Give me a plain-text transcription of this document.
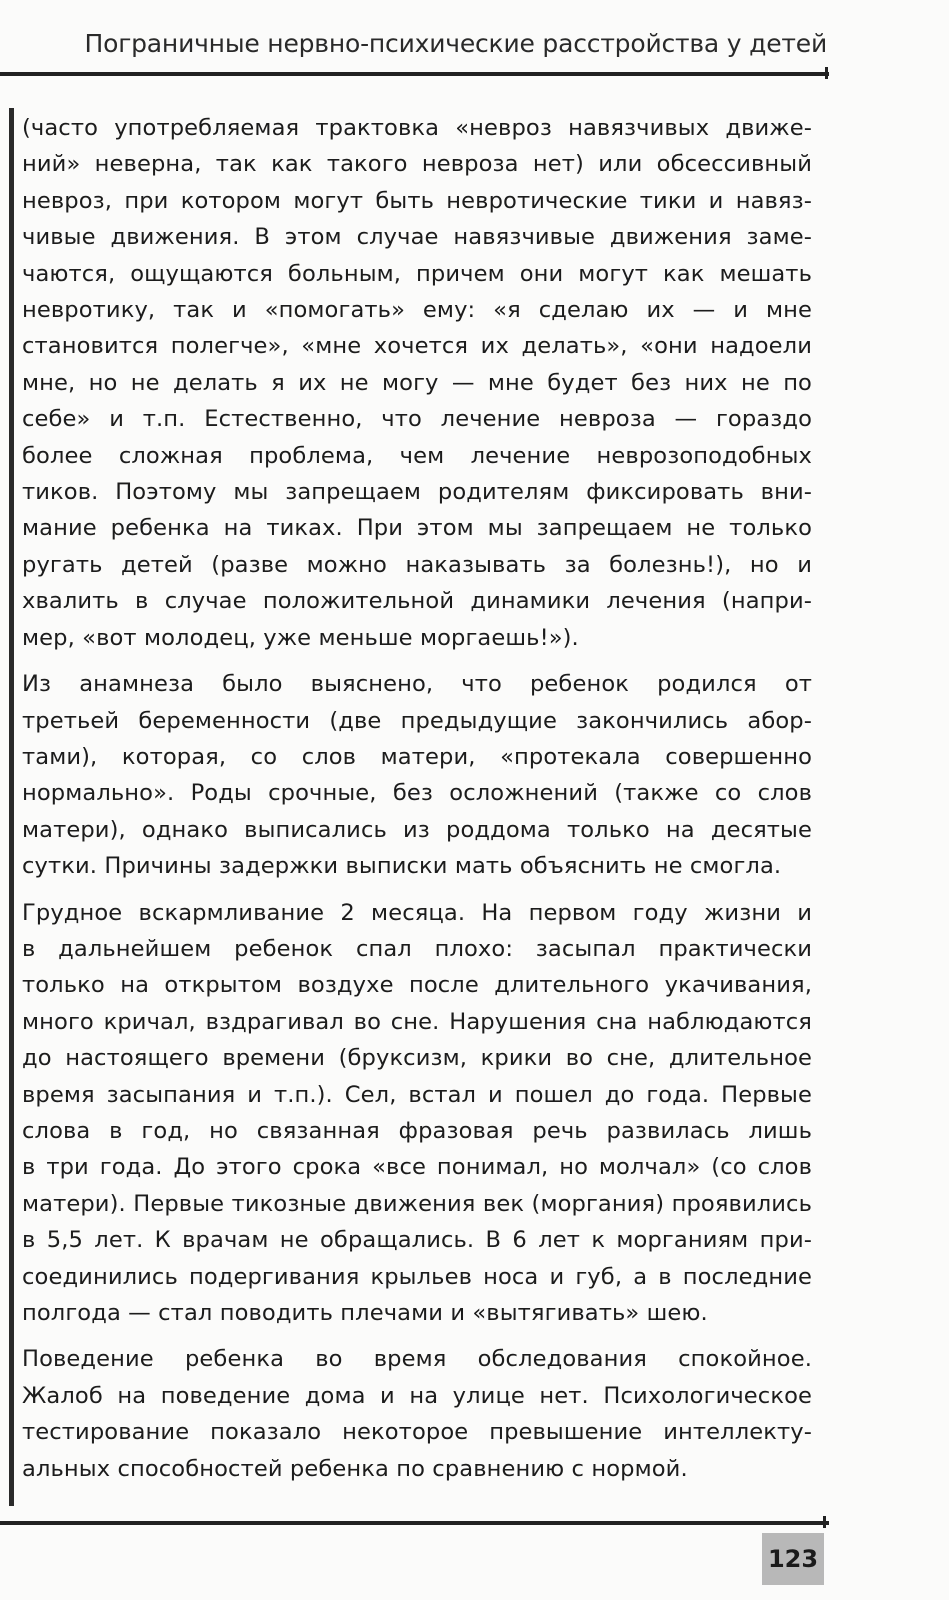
Пограничные нервно-психические расстройства у детей
(часто употребляемая трактовка «невроз навязчивых движе-
ний» неверна, так как такого невроза нет) или обсессивный
невроз, при котором могут быть невротические тики и навяз-
чивые движения. В этом случае навязчивые движения заме-
чаются, ощущаются больным, причем они могут как мешать
невротику, так и «помогать» ему: «я сделаю их — и мне
становится полегче», «мне хочется их делать», «они надоели
мне, но не делать я их не могу — мне будет без них не по
себе» и т.п. Естественно, что лечение невроза — гораздо
более сложная проблема, чем лечение неврозоподобных
тиков. Поэтому мы запрещаем родителям фиксировать вни-
мание ребенка на тиках. При этом мы запрещаем не только
ругать детей (разве можно наказывать за болезнь!), но и
хвалить в случае положительной динамики лечения (напри-
мер, «вот молодец, уже меньше моргаешь!»).
Из анамнеза было выяснено, что ребенок родился от
третьей беременности (две предыдущие закончились абор-
тами), которая, со слов матери, «протекала совершенно
нормально». Роды срочные, без осложнений (также со слов
матери), однако выписались из роддома только на десятые
сутки. Причины задержки выписки мать объяснить не смогла.
Грудное вскармливание 2 месяца. На первом году жизни и
в дальнейшем ребенок спал плохо: засыпал практически
только на открытом воздухе после длительного укачивания,
много кричал, вздрагивал во сне. Нарушения сна наблюдаются
до настоящего времени (бруксизм, крики во сне, длительное
время засыпания и т.п.). Сел, встал и пошел до года. Первые
слова в год, но связанная фразовая речь развилась лишь
в три года. До этого срока «все понимал, но молчал» (со слов
матери). Первые тикозные движения век (моргания) проявились
в 5,5 лет. К врачам не обращались. В 6 лет к морганиям при-
соединились подергивания крыльев носа и губ, а в последние
полгода — стал поводить плечами и «вытягивать» шею.
Поведение ребенка во время обследования спокойное.
Жалоб на поведение дома и на улице нет. Психологическое
тестирование показало некоторое превышение интеллекту-
альных способностей ребенка по сравнению с нормой.
123
